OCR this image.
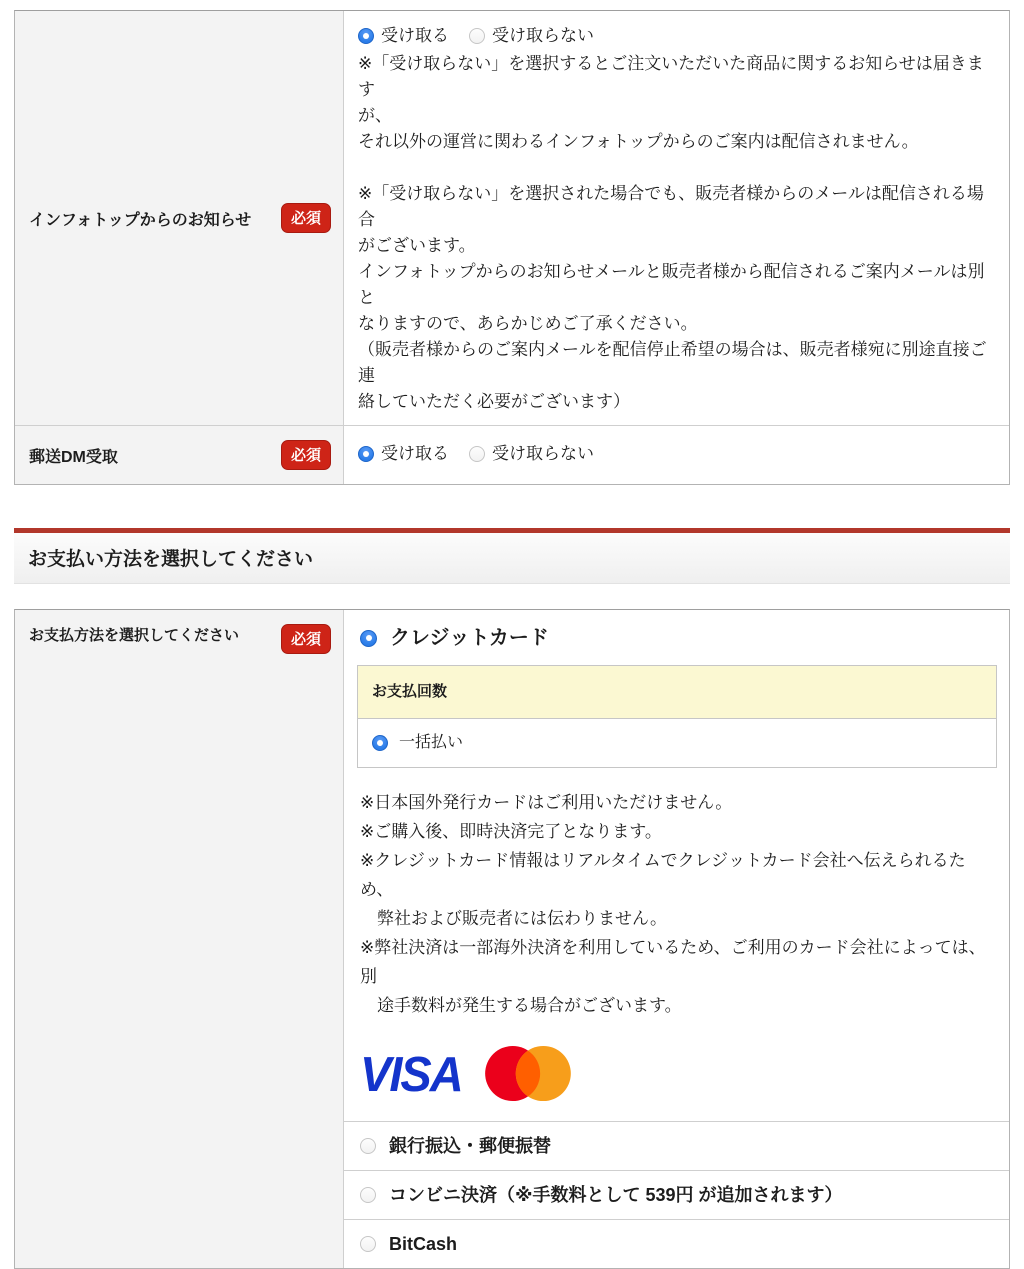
インフォトップからのお知らせ	必須
受け取る	受け取らない
※「受け取らない」を選択するとご注文いただいた商品に関するお知らせは届きます
が、
それ以外の運営に関わるインフォトップからのご案内は配信されません。
※「受け取らない」を選択された場合でも、販売者様からのメールは配信される場合
がございます。
インフォトップからのお知らせメールと販売者様から配信されるご案内メールは別と
なりますので、あらかじめご了承ください。
（販売者様からのご案内メールを配信停止希望の場合は、販売者様宛に別途直接ご連
絡していただく必要がございます）
郵送DM受取	必須	受け取る	受け取らない
お支払い方法を選択してください
お支払方法を選択してください	必須	クレジットカード
お支払回数
一括払い
※日本国外発行カードはご利用いただけません。
※ご購入後、即時決済完了となります。
※クレジットカード情報はリアルタイムでクレジットカード会社へ伝えられるため、
　弊社および販売者には伝わりません。
※弊社決済は一部海外決済を利用しているため、ご利用のカード会社によっては、別
　途手数料が発生する場合がございます。
VISA
銀行振込・郵便振替
コンビニ決済（※手数料として 539円 が追加されます）
BitCash
